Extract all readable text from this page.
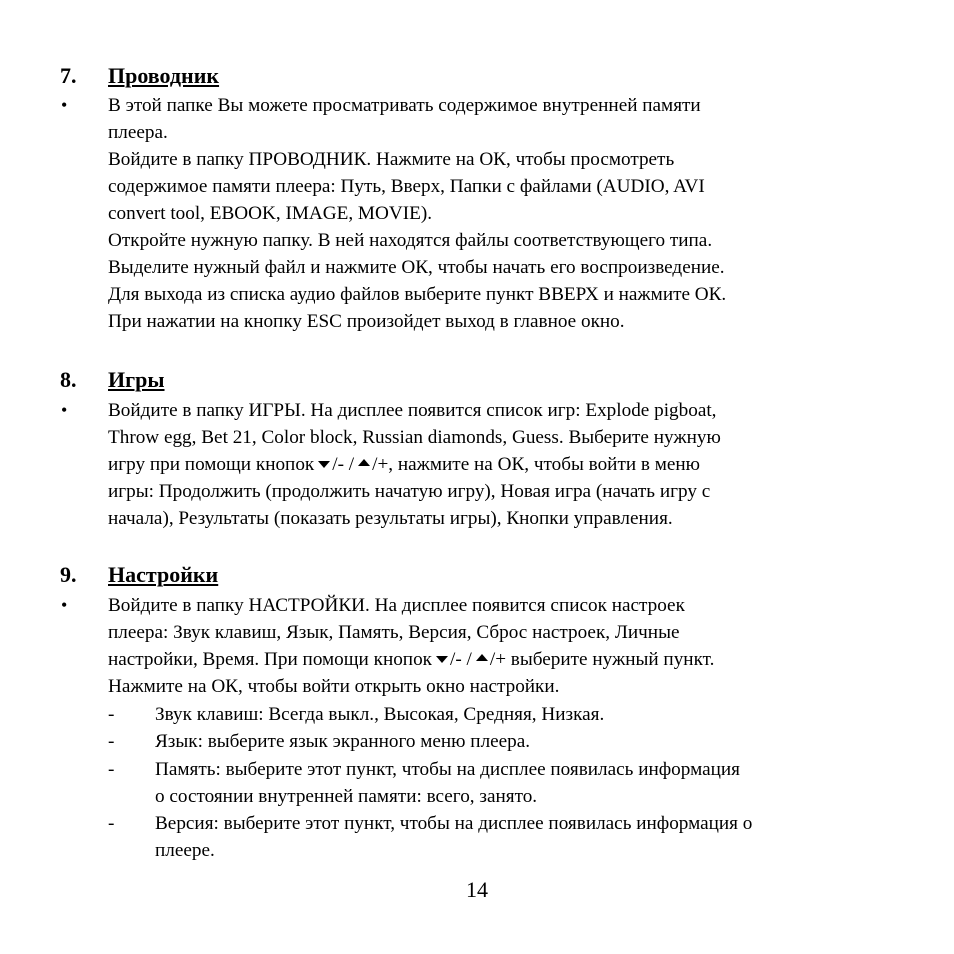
7. Проводник
• В этой папке Вы можете просматривать содержимое внутренней памяти
плеера.
Войдите в папку ПРОВОДНИК. Нажмите на ОК, чтобы просмотреть
содержимое памяти плеера: Путь, Вверх, Папки с файлами (AUDIO, AVI
convert tool, EBOOK, IMAGE, MOVIE).
Откройте нужную папку. В ней находятся файлы соответствующего типа.
Выделите нужный файл и нажмите ОК, чтобы начать его воспроизведение.
Для выхода из списка аудио файлов выберите пункт ВВЕРХ и нажмите ОК.
При нажатии на кнопку ESC произойдет выход в главное окно.
8. Игры
• Войдите в папку ИГРЫ. На дисплее появится список игр: Explode pigboat,
Throw egg, Bet 21, Color block, Russian diamonds, Guess. Выберите нужную
игру при помощи кнопок /- / /+, нажмите на ОК, чтобы войти в меню
игры: Продолжить (продолжить начатую игру), Новая игра (начать игру с
начала), Результаты (показать результаты игры), Кнопки управления.
9. Настройки
• Войдите в папку НАСТРОЙКИ. На дисплее появится список настроек
плеера: Звук клавиш, Язык, Память, Версия, Сброс настроек, Личные
настройки, Время. При помощи кнопок /- / /+ выберите нужный пункт.
Нажмите на ОК, чтобы войти открыть окно настройки.
- Звук клавиш: Всегда выкл., Высокая, Средняя, Низкая.
- Язык: выберите язык экранного меню плеера.
- Память: выберите этот пункт, чтобы на дисплее появилась информация
о состоянии внутренней памяти: всего, занято.
- Версия: выберите этот пункт, чтобы на дисплее появилась информация о
плеере.
14
